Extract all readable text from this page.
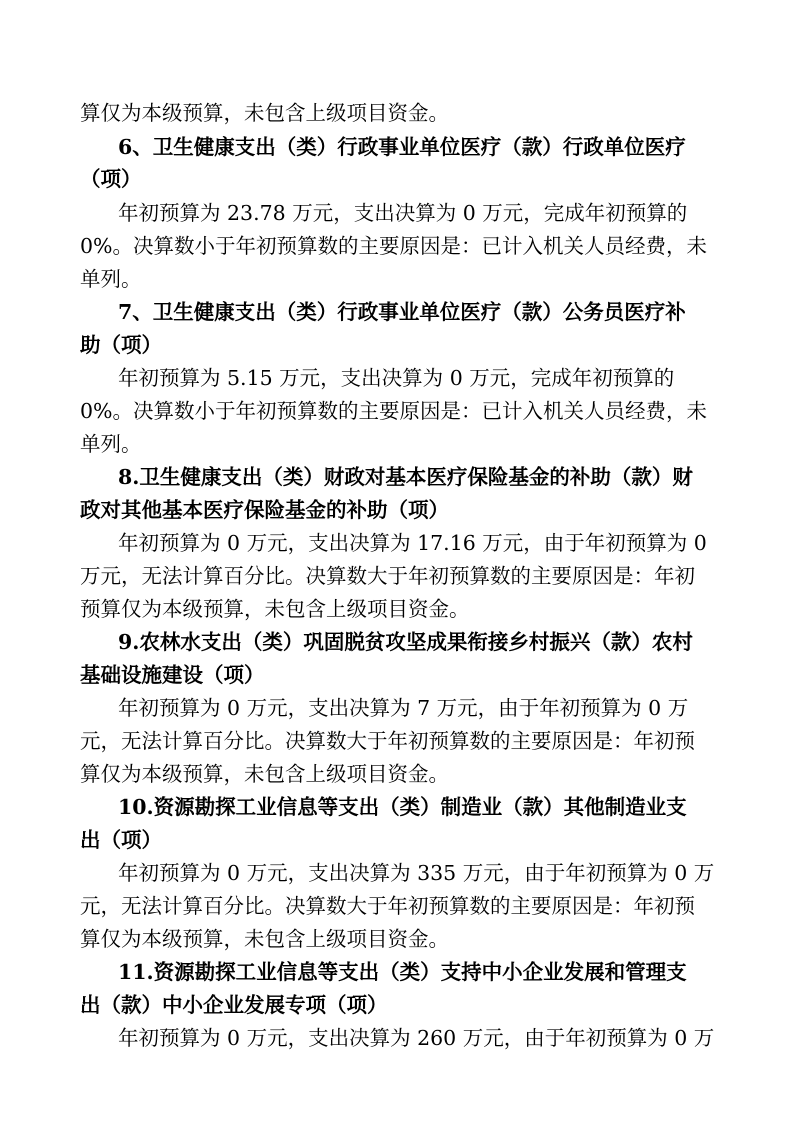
算仅为本级预算，未包含上级项目资金。
6、卫生健康支出（类）行政事业单位医疗（款）行政单位医疗
（项）
年初预算为 23.78 万元，支出决算为 0 万元，完成年初预算的
0%。决算数小于年初预算数的主要原因是：已计入机关人员经费，未
单列。
7、卫生健康支出（类）行政事业单位医疗（款）公务员医疗补
助（项）
年初预算为 5.15 万元，支出决算为 0 万元，完成年初预算的
0%。决算数小于年初预算数的主要原因是：已计入机关人员经费，未
单列。
8.卫生健康支出（类）财政对基本医疗保险基金的补助（款）财
政对其他基本医疗保险基金的补助（项）
年初预算为 0 万元，支出决算为 17.16 万元，由于年初预算为 0
万元，无法计算百分比。决算数大于年初预算数的主要原因是：年初
预算仅为本级预算，未包含上级项目资金。
9.农林水支出（类）巩固脱贫攻坚成果衔接乡村振兴（款）农村
基础设施建设（项）
年初预算为 0 万元，支出决算为 7 万元，由于年初预算为 0 万
元，无法计算百分比。决算数大于年初预算数的主要原因是：年初预
算仅为本级预算，未包含上级项目资金。
10.资源勘探工业信息等支出（类）制造业（款）其他制造业支
出（项）
年初预算为 0 万元，支出决算为 335 万元，由于年初预算为 0 万
元，无法计算百分比。决算数大于年初预算数的主要原因是：年初预
算仅为本级预算，未包含上级项目资金。
11.资源勘探工业信息等支出（类）支持中小企业发展和管理支
出（款）中小企业发展专项（项）
年初预算为 0 万元，支出决算为 260 万元，由于年初预算为 0 万
